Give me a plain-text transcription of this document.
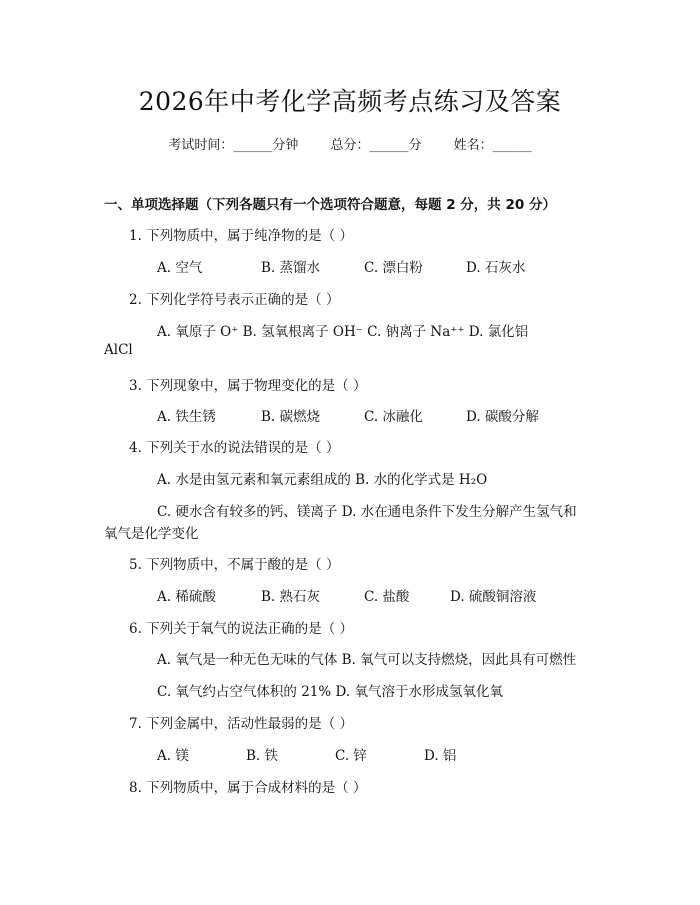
2026年中考化学高频考点练习及答案
考试时间：______分钟 总分：______分 姓名：______
一、单项选择题（下列各题只有一个选项符合题意，每题 2 分，共 20 分）
1. 下列物质中，属于纯净物的是（ ）
A. 空气	B. 蒸馏水	C. 漂白粉	D. 石灰水
2. 下列化学符号表示正确的是（ ）
A. 氧原子 O⁺ B. 氢氧根离子 OH⁻ C. 钠离子 Na⁺⁺ D. 氯化铝
AlCl
3. 下列现象中，属于物理变化的是（ ）
A. 铁生锈	B. 碳燃烧	C. 冰融化	D. 碳酸分解
4. 下列关于水的说法错误的是（ ）
A. 水是由氢元素和氧元素组成的 B. 水的化学式是 H₂O
C. 硬水含有较多的钙、镁离子 D. 水在通电条件下发生分解产生氢气和
氧气是化学变化
5. 下列物质中，不属于酸的是（ ）
A. 稀硫酸	B. 熟石灰	C. 盐酸	D. 硫酸铜溶液
6. 下列关于氧气的说法正确的是（ ）
A. 氧气是一种无色无味的气体 B. 氧气可以支持燃烧，因此具有可燃性
C. 氧气约占空气体积的 21% D. 氧气溶于水形成氢氧化氧
7. 下列金属中，活动性最弱的是（ ）
A. 镁	B. 铁	C. 锌	D. 铝
8. 下列物质中，属于合成材料的是（ ）
